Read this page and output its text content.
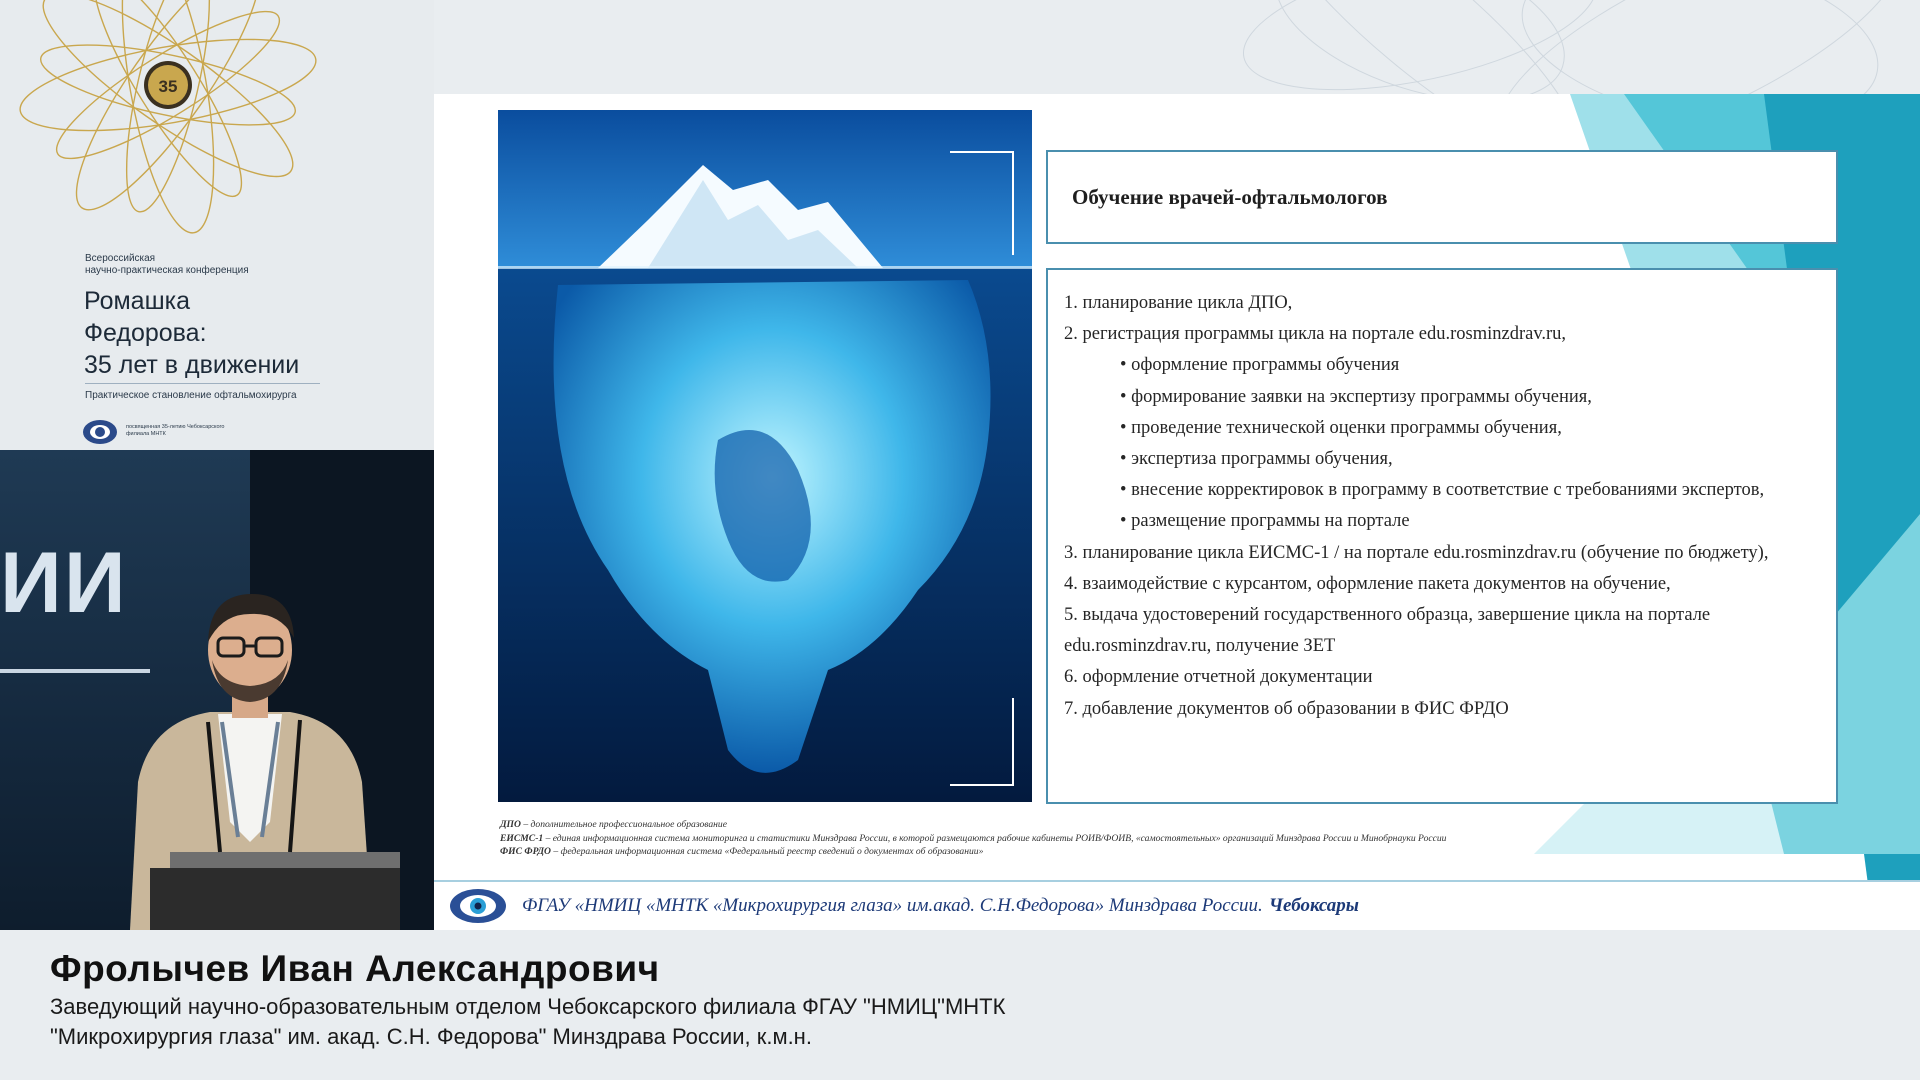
35
Всероссийская
научно-практическая конференция
Ромашка
Федорова:
35 лет в движении
Практическое становление офтальмохирурга
посвященная 35-летию Чебоксарского филиала МНТК
ИИ
Обучение врачей-офтальмологов
1. планирование цикла ДПО,
2. регистрация программы цикла на портале edu.rosminzdrav.ru,
• оформление программы обучения
• формирование заявки на экспертизу программы обучения,
• проведение технической оценки программы обучения,
• экспертиза программы обучения,
• внесение корректировок в программу в соответствие с требованиями экспертов,
• размещение программы на портале
3. планирование цикла ЕИСМС-1 / на портале edu.rosminzdrav.ru (обучение по бюджету),
4. взаимодействие с курсантом, оформление пакета документов на обучение,
5. выдача удостоверений государственного образца, завершение цикла на портале edu.rosminzdrav.ru, получение ЗЕТ
6. оформление отчетной документации
7. добавление документов об образовании в ФИС ФРДО
ДПО – дополнительное профессиональное образование
ЕИСМС-1 – единая информационная система мониторинга и статистики Минздрава России, в которой размещаются рабочие кабинеты РОИВ/ФОИВ, «самостоятельных» организаций Минздрава России и Минобрнауки России
ФИС ФРДО – федеральная информационная система «Федеральный реестр сведений о документах об образовании»
ФГАУ «НМИЦ «МНТК «Микрохирургия глаза» им.акад. С.Н.Федорова» Минздрава России. Чебоксары
Фролычев Иван Александрович
Заведующий научно-образовательным отделом Чебоксарского филиала ФГАУ "НМИЦ"МНТК
"Микрохирургия глаза" им. акад. С.Н. Федорова" Минздрава России, к.м.н.
